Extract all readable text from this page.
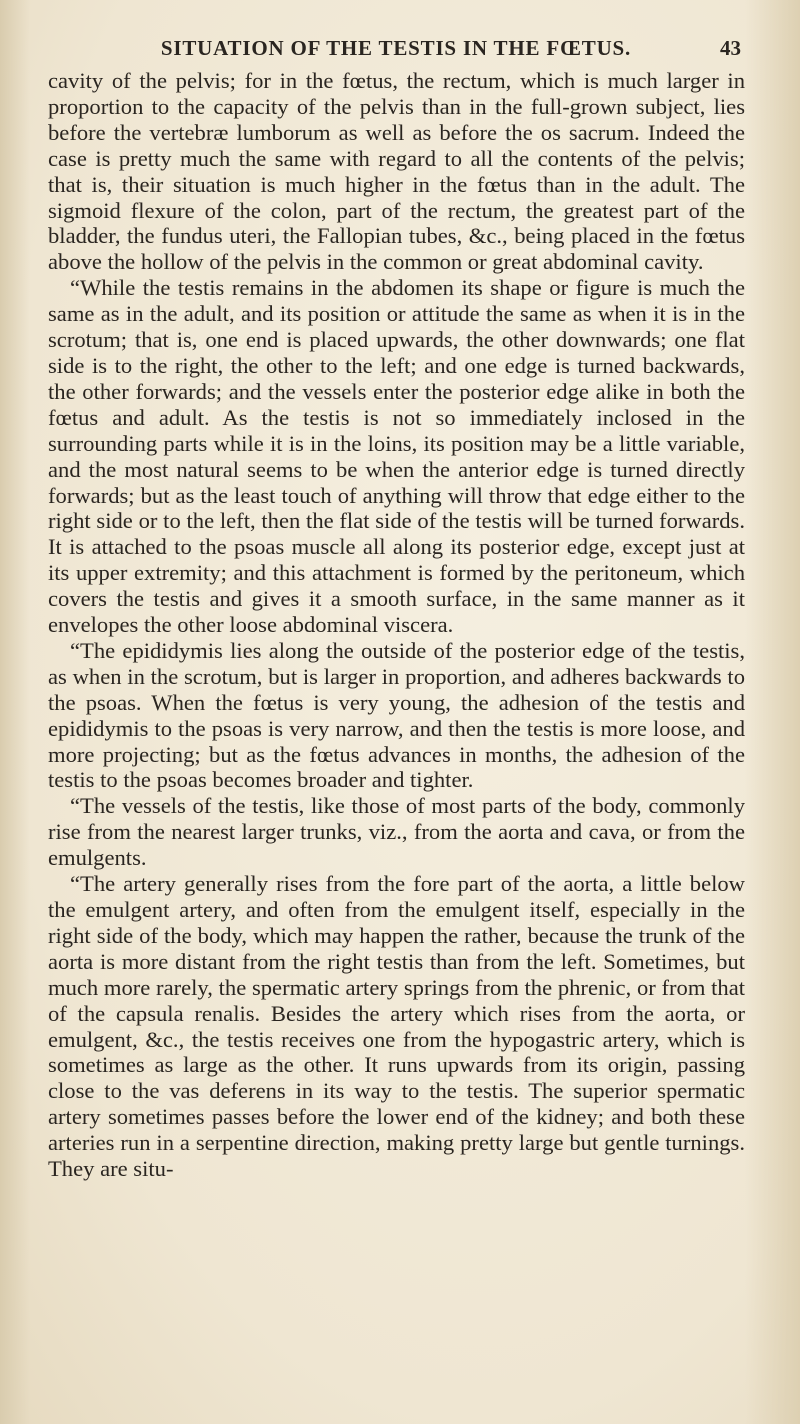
SITUATION OF THE TESTIS IN THE FŒTUS.	43

cavity of the pelvis; for in the fœtus, the rectum, which is much larger in proportion to the capacity of the pelvis than in the full-grown subject, lies before the vertebræ lumborum as well as before the os sacrum. Indeed the case is pretty much the same with regard to all the contents of the pelvis; that is, their situation is much higher in the fœtus than in the adult. The sigmoid flexure of the colon, part of the rectum, the greatest part of the bladder, the fundus uteri, the Fallopian tubes, &c., being placed in the fœtus above the hollow of the pelvis in the common or great abdominal cavity.

“While the testis remains in the abdomen its shape or figure is much the same as in the adult, and its position or attitude the same as when it is in the scrotum; that is, one end is placed upwards, the other downwards; one flat side is to the right, the other to the left; and one edge is turned backwards, the other forwards; and the vessels enter the posterior edge alike in both the fœtus and adult. As the testis is not so immediately inclosed in the surrounding parts while it is in the loins, its position may be a little variable, and the most natural seems to be when the anterior edge is turned directly forwards; but as the least touch of anything will throw that edge either to the right side or to the left, then the flat side of the testis will be turned forwards. It is attached to the psoas muscle all along its posterior edge, except just at its upper extremity; and this attachment is formed by the peritoneum, which covers the testis and gives it a smooth surface, in the same manner as it envelopes the other loose abdominal viscera.

“The epididymis lies along the outside of the posterior edge of the testis, as when in the scrotum, but is larger in proportion, and adheres backwards to the psoas. When the fœtus is very young, the adhesion of the testis and epididymis to the psoas is very narrow, and then the testis is more loose, and more projecting; but as the fœtus advances in months, the adhesion of the testis to the psoas becomes broader and tighter.

“The vessels of the testis, like those of most parts of the body, commonly rise from the nearest larger trunks, viz., from the aorta and cava, or from the emulgents.

“The artery generally rises from the fore part of the aorta, a little below the emulgent artery, and often from the emulgent itself, especially in the right side of the body, which may happen the rather, because the trunk of the aorta is more distant from the right testis than from the left. Sometimes, but much more rarely, the spermatic artery springs from the phrenic, or from that of the capsula renalis. Besides the artery which rises from the aorta, or emulgent, &c., the testis receives one from the hypogastric artery, which is sometimes as large as the other. It runs upwards from its origin, passing close to the vas deferens in its way to the testis. The superior spermatic artery sometimes passes before the lower end of the kidney; and both these arteries run in a serpentine direction, making pretty large but gentle turnings. They are situ-
